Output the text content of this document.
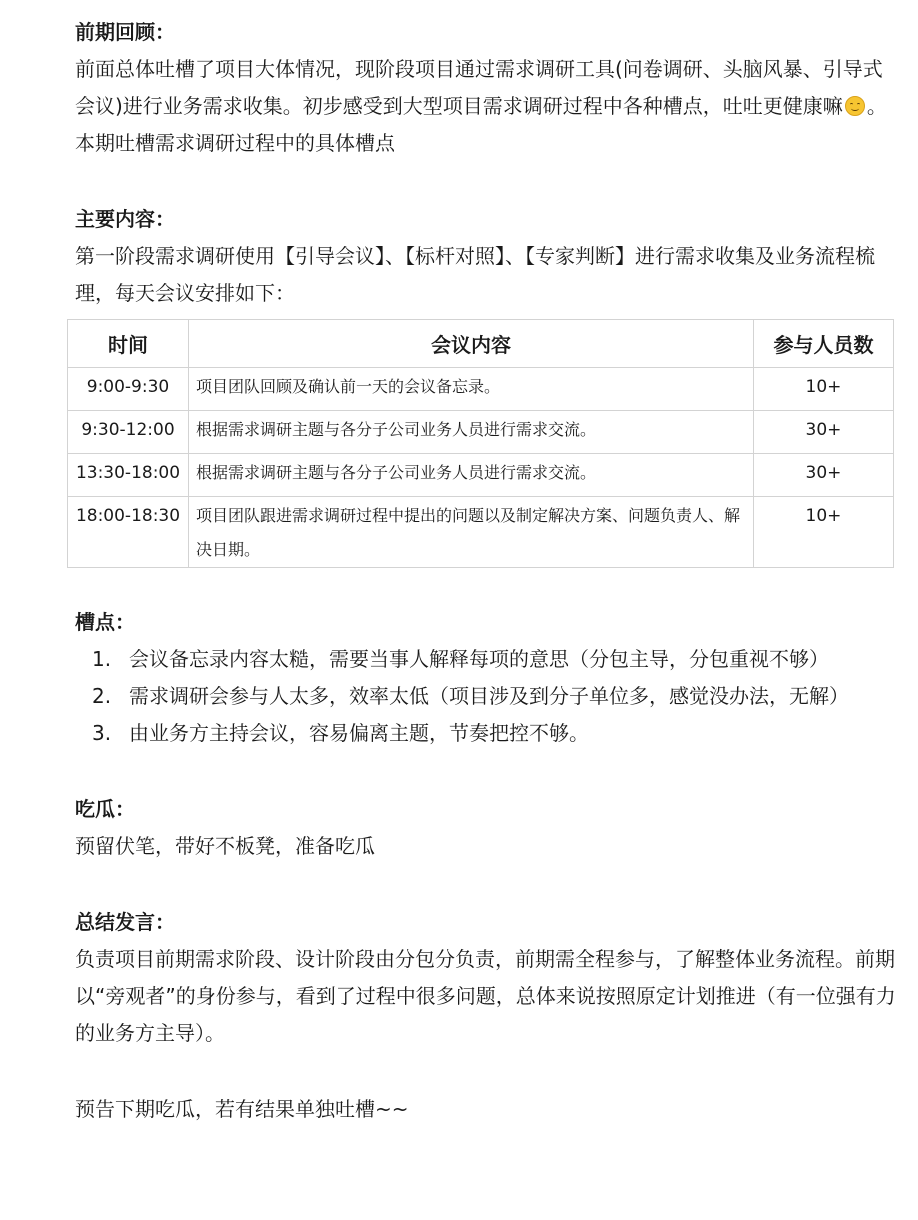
前期回顾：

前面总体吐槽了项目大体情况，现阶段项目通过需求调研工具(问卷调研、头脑风暴、引导式会议)进行业务需求收集。初步感受到大型项目需求调研过程中各种槽点，吐吐更健康嘛 。本期吐槽需求调研过程中的具体槽点

主要内容：

第一阶段需求调研使用【引导会议】、【标杆对照】、【专家判断】进行需求收集及业务流程梳理，每天会议安排如下：

时间	会议内容	参与人员数
9:00-9:30	项目团队回顾及确认前一天的会议备忘录。	10+
9:30-12:00	根据需求调研主题与各分子公司业务人员进行需求交流。	30+
13:30-18:00	根据需求调研主题与各分子公司业务人员进行需求交流。	30+
18:00-18:30	项目团队跟进需求调研过程中提出的问题以及制定解决方案、问题负责人、解决日期。	10+

槽点：

1. 会议备忘录内容太糙，需要当事人解释每项的意思（分包主导，分包重视不够）
2. 需求调研会参与人太多，效率太低（项目涉及到分子单位多，感觉没办法，无解）
3. 由业务方主持会议，容易偏离主题，节奏把控不够。

吃瓜：

预留伏笔，带好不板凳，准备吃瓜

总结发言：

负责项目前期需求阶段、设计阶段由分包分负责，前期需全程参与，了解整体业务流程。前期以“旁观者”的身份参与，看到了过程中很多问题，总体来说按照原定计划推进（有一位强有力的业务方主导）。

预告下期吃瓜，若有结果单独吐槽~~
